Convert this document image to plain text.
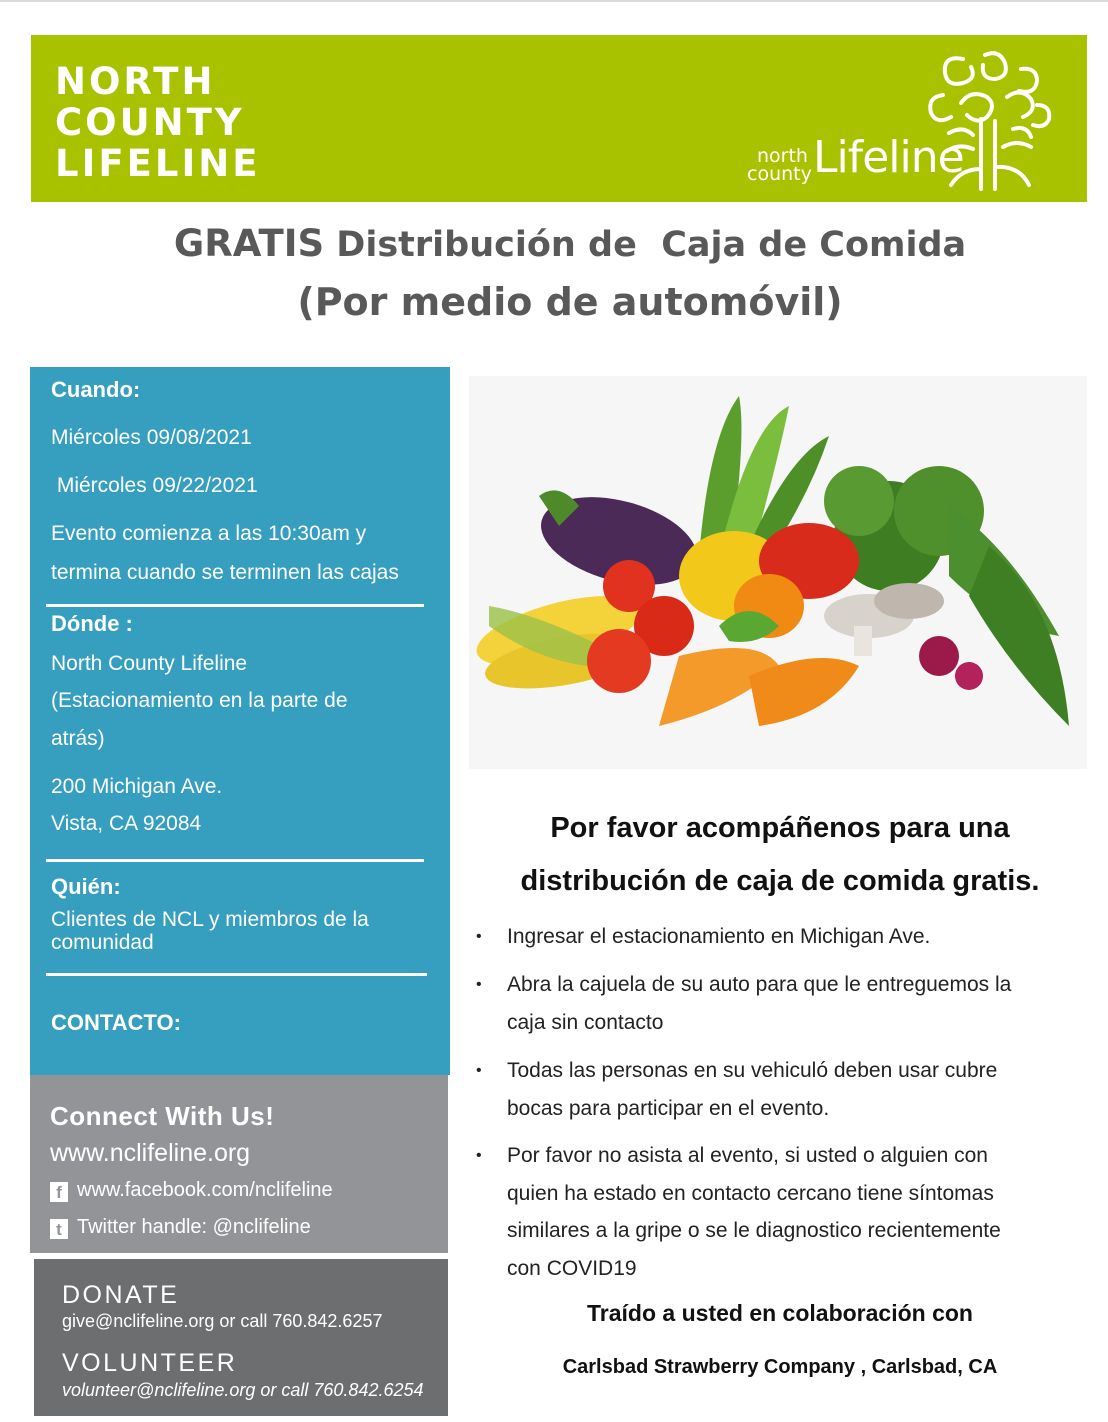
NORTH
COUNTY
LIFELINE	north
county Lifeline
GRATIS Distribución de  Caja de Comida
(Por medio de automóvil)
Cuando:
Miércoles 09/08/2021
Miércoles 09/22/2021
Evento comienza a las 10:30am y
termina cuando se terminen las cajas
Dónde :
North County Lifeline
(Estacionamiento en la parte de
atrás)
200 Michigan Ave.
Vista, CA 92084
Quién:
Clientes de NCL y miembros de la
comunidad
CONTACTO:
Connect With Us!
www.nclifeline.org
f www.facebook.com/nclifeline
t Twitter handle: @nclifeline
DONATE
give@nclifeline.org or call 760.842.6257
VOLUNTEER
volunteer@nclifeline.org or call 760.842.6254
Por favor acompáñenos para una
distribución de caja de comida gratis.
• Ingresar el estacionamiento en Michigan Ave.
• Abra la cajuela de su auto para que le entreguemos la
caja sin contacto
• Todas las personas en su vehiculó deben usar cubre
bocas para participar en el evento.
• Por favor no asista al evento, si usted o alguien con
quien ha estado en contacto cercano tiene síntomas
similares a la gripe o se le diagnostico recientemente
con COVID19
Traído a usted en colaboración con
Carlsbad Strawberry Company , Carlsbad, CA
